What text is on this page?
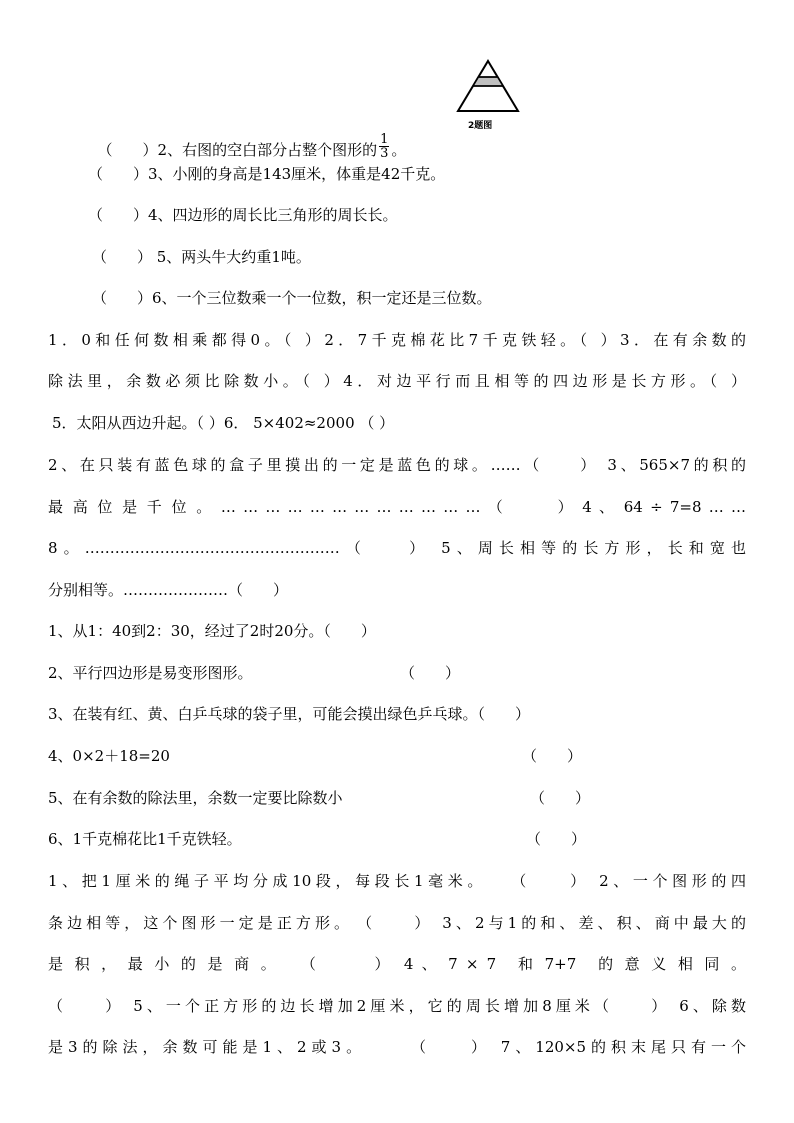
2题图

（　　）2、右图的空白部分占整个图形的 $\frac{1}{3}$ 。

（　　）3、小刚的身高是143厘米，体重是42千克。
（　　）4、四边形的周长比三角形的周长长。
（　　） 5、两头牛大约重1吨。
（　　）6、一个三位数乘一个一位数，积一定还是三位数。
1．0和任何数相乘都得0。（ ）2．7千克棉花比7千克铁轻。（ ）3．在有余数的
除法里，余数必须比除数小。（ ）4．对边平行而且相等的四边形是长方形。（ ）
5．太阳从西边升起。（ ）6． 5×402≈2000 （ ）
2、在只装有蓝色球的盒子里摸出的一定是蓝色的球。……（　　） 3、565×7的积的
最 高 位 是 千 位 。 … … … … … … … … … … … … （　　　） 4 、 64 ÷ 7=8 … …
8。……………………………………………（　　） 5、周长相等的长方形，长和宽也
分别相等。…………………（　　）
1、从1：40到2：30，经过了2时20分。（　　）
2、平行四边形是易变形图形。	（　　）
3、在装有红、黄、白乒乓球的袋子里，可能会摸出绿色乒乓球。（　　）
4、0×2＋18=20	（　　）
5、在有余数的除法里，余数一定要比除数小	（　　）
6、1千克棉花比1千克铁轻。	（　　）
1、把1厘米的绳子平均分成10段，每段长1毫米。　　（　　） 2、一个图形的四
条边相等，这个图形一定是正方形。　（　　） 3、2与1的和、差、积、商中最大的
是 积 ， 最 小 的 是 商 。　　（　　　）　4 、 7 × 7　和 7+7　的 意 义 相 同 。
（　　） 5、一个正方形的边长增加2厘米，它的周长增加8厘米（　　） 6、除数
是3的除法，余数可能是1、2或3。　　　（　　） 7、120×5的积末尾只有一个
